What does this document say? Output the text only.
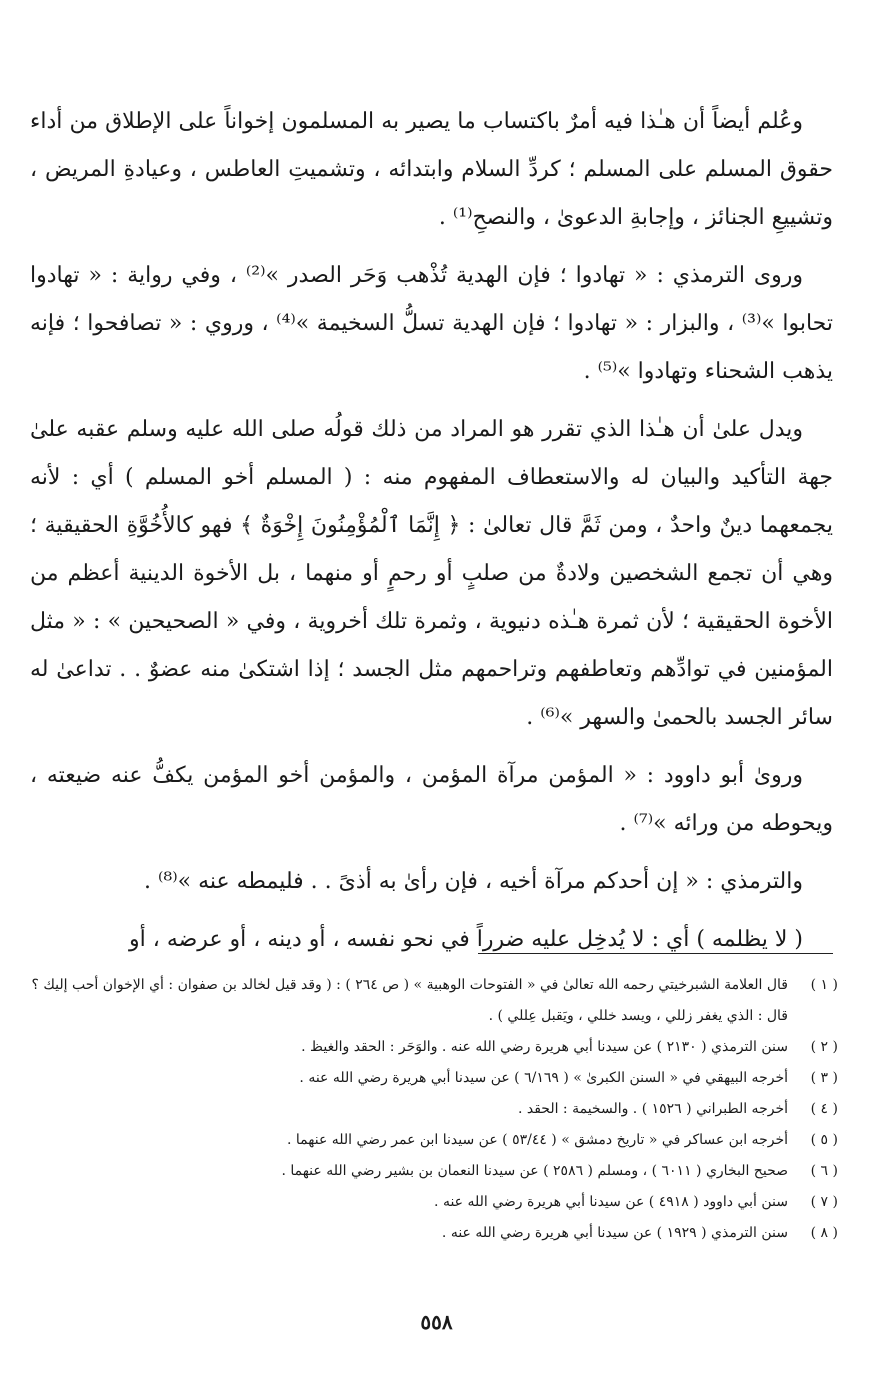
وعُلم أيضاً أن هـٰذا فيه أمرٌ باكتساب ما يصير به المسلمون إخواناً على الإطلاق من أداء حقوق المسلم على المسلم ؛ كردِّ السلام وابتدائه ، وتشميتِ العاطس ، وعيادةِ المريض ، وتشييعِ الجنائز ، وإجابةِ الدعوىٰ ، والنصحِ⁽¹⁾ .

وروى الترمذي : « تهادوا ؛ فإن الهدية تُذْهب وَحَر الصدر »⁽²⁾ ، وفي رواية : « تهادوا تحابوا »⁽³⁾ ، والبزار : « تهادوا ؛ فإن الهدية تسلُّ السخيمة »⁽⁴⁾ ، وروي : « تصافحوا ؛ فإنه يذهب الشحناء وتهادوا »⁽⁵⁾ .

ويدل علىٰ أن هـٰذا الذي تقرر هو المراد من ذلك قولُه صلى الله عليه وسلم عقبه علىٰ جهة التأكيد والبيان له والاستعطاف المفهوم منه : ( المسلم أخو المسلم ) أي : لأنه يجمعهما دينٌ واحدٌ ، ومن ثَمَّ قال تعالىٰ : ﴿ إِنَّمَا ٱلْمُؤْمِنُونَ إِخْوَةٌ ﴾ فهو كالأُخُوَّةِ الحقيقية ؛ وهي أن تجمع الشخصين ولادةٌ من صلبٍ أو رحمٍ أو منهما ، بل الأخوة الدينية أعظم من الأخوة الحقيقية ؛ لأن ثمرة هـٰذه دنيوية ، وثمرة تلك أخروية ، وفي « الصحيحين » : « مثل المؤمنين في توادِّهم وتعاطفهم وتراحمهم مثل الجسد ؛ إذا اشتكىٰ منه عضوٌ . . تداعىٰ له سائر الجسد بالحمىٰ والسهر »⁽⁶⁾ .

وروىٰ أبو داوود : « المؤمن مرآة المؤمن ، والمؤمن أخو المؤمن يكفُّ عنه ضيعته ، ويحوطه من ورائه »⁽⁷⁾ .

والترمذي : « إن أحدكم مرآة أخيه ، فإن رأىٰ به أذىً . . فليمطه عنه »⁽⁸⁾ .

( لا يظلمه ) أي : لا يُدخِل عليه ضرراً في نحو نفسه ، أو دينه ، أو عرضه ، أو

( ١ )
قال العلامة الشبرخيتي رحمه الله تعالىٰ في « الفتوحات الوهبية » ( ص ٢٦٤ ) : ( وقد قيل لخالد بن صفوان : أي الإخوان أحب إليك ؟ قال : الذي يغفر زللي ، ويسد خللي ، ويَقبل عِللي ) .
( ٢ )
سنن الترمذي ( ٢١٣٠ ) عن سيدنا أبي هريرة رضي الله عنه . والوَحَر : الحقد والغيظ .
( ٣ )
أخرجه البيهقي في « السنن الكبرىٰ » ( ٦/١٦٩ ) عن سيدنا أبي هريرة رضي الله عنه .
( ٤ )
أخرجه الطبراني ( ١٥٢٦ ) . والسخيمة : الحقد .
( ٥ )
أخرجه ابن عساكر في « تاريخ دمشق » ( ٥٣/٤٤ ) عن سيدنا ابن عمر رضي الله عنهما .
( ٦ )
صحيح البخاري ( ٦٠١١ ) ، ومسلم ( ٢٥٨٦ ) عن سيدنا النعمان بن بشير رضي الله عنهما .
( ٧ )
سنن أبي داوود ( ٤٩١٨ ) عن سيدنا أبي هريرة رضي الله عنه .
( ٨ )
سنن الترمذي ( ١٩٢٩ ) عن سيدنا أبي هريرة رضي الله عنه .
٥٥٨
